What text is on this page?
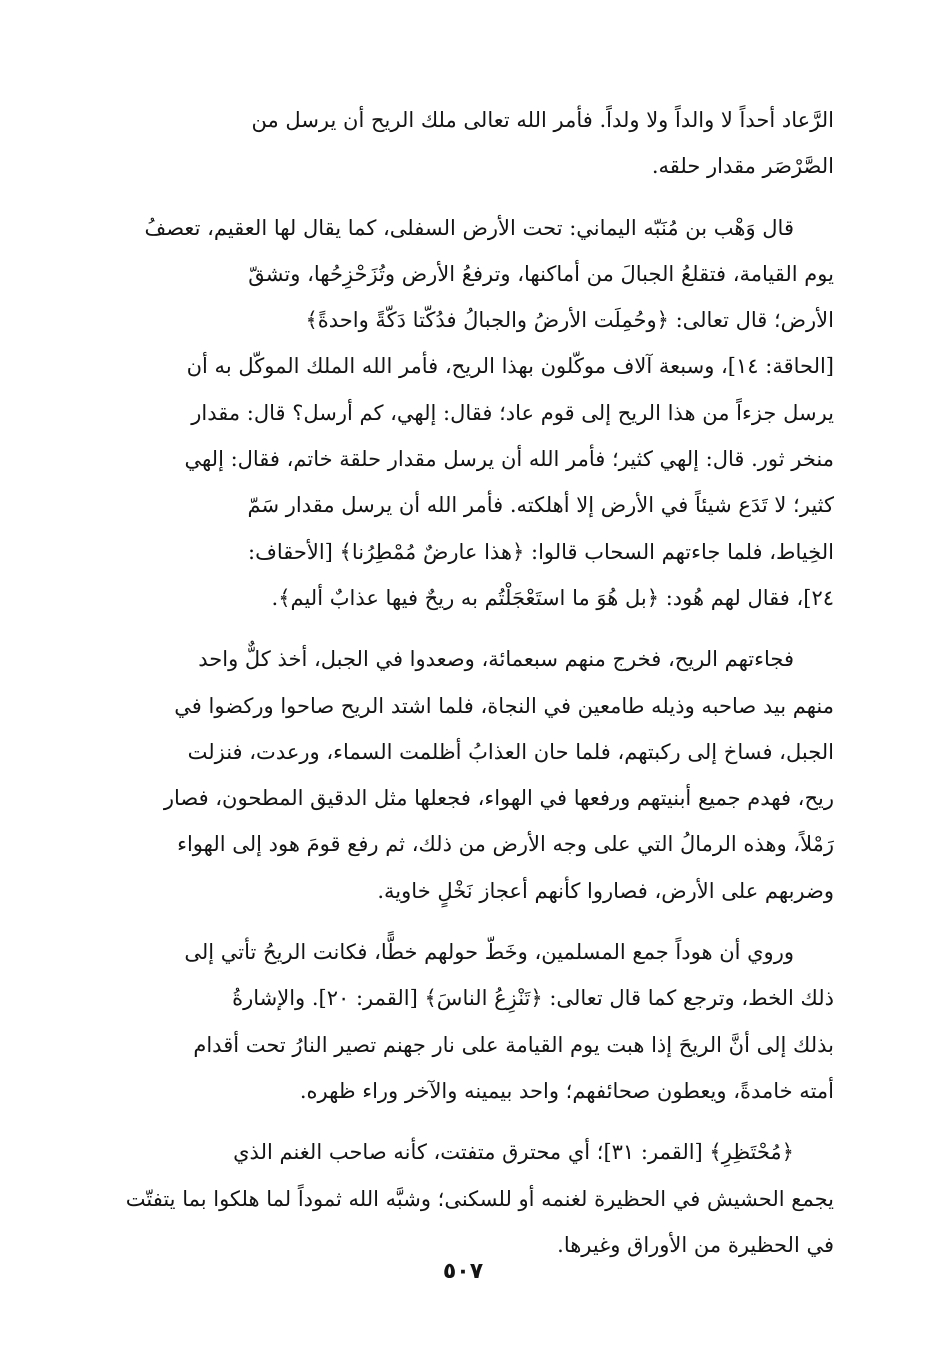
الرَّعاد أحداً لا والداً ولا ولداً. فأمر الله تعالى ملك الريح أن يرسل من
الصَّرْصَر مقدار حلقه.
قال وَهْب بن مُنَبّه اليماني: تحت الأرض السفلى، كما يقال لها العقيم، تعصفُ
يوم القيامة، فتقلعُ الجبالَ من أماكنها، وترفعُ الأرض وتُزَحْزِحُها، وتشقّ
الأرض؛ قال تعالى: ﴿وحُمِلَت الأرضُ والجبالُ فدُكّتا دَكّةً واحدةً﴾
[الحاقة: ١٤]، وسبعة آلاف موكّلون بهذا الريح، فأمر الله الملك الموكّل به أن
يرسل جزءاً من هذا الريح إلى قوم عاد؛ فقال: إلهي، كم أرسل؟ قال: مقدار
منخر ثور. قال: إلهي كثير؛ فأمر الله أن يرسل مقدار حلقة خاتم، فقال: إلهي
كثير؛ لا تَدَع شيئاً في الأرض إلا أهلكته. فأمر الله أن يرسل مقدار سَمّ
الخِياط، فلما جاءتهم السحاب قالوا: ﴿هذا عارضٌ مُمْطِرُنا﴾ [الأحقاف:
٢٤]، فقال لهم هُود: ﴿بل هُوَ ما استَعْجَلْتُم به ريحٌ فيها عذابٌ أليم﴾.
فجاءتهم الريح، فخرج منهم سبعمائة، وصعدوا في الجبل، أخذ كلٌّ واحد
منهم بيد صاحبه وذيله طامعين في النجاة، فلما اشتد الريح صاحوا وركضوا في
الجبل، فساخ إلى ركبتهم، فلما حان العذابُ أظلمت السماء، ورعدت، فنزلت
ريح، فهدم جميع أبنيتهم ورفعها في الهواء، فجعلها مثل الدقيق المطحون، فصار
رَمْلاً، وهذه الرمالُ التي على وجه الأرض من ذلك، ثم رفع قومَ هود إلى الهواء
وضربهم على الأرض، فصاروا كأنهم أعجاز نَخْلٍ خاوية.
وروي أن هوداً جمع المسلمين، وخَطّ حولهم خطًّا، فكانت الريحُ تأتي إلى
ذلك الخط، وترجع كما قال تعالى: ﴿تَنْزِعُ الناسَ﴾ [القمر: ٢٠]. والإشارةُ
بذلك إلى أنَّ الريحَ إذا هبت يوم القيامة على نار جهنم تصير النارُ تحت أقدام
أمته خامدةً، ويعطون صحائفهم؛ واحد بيمينه والآخر وراء ظهره.
﴿مُحْتَظِرِ﴾ [القمر: ٣١]؛ أي محترق متفتت، كأنه صاحب الغنم الذي
يجمع الحشيش في الحظيرة لغنمه أو للسكنى؛ وشبَّه الله ثموداً لما هلكوا بما يتفتّت
في الحظيرة من الأوراق وغيرها.
٥٠٧
